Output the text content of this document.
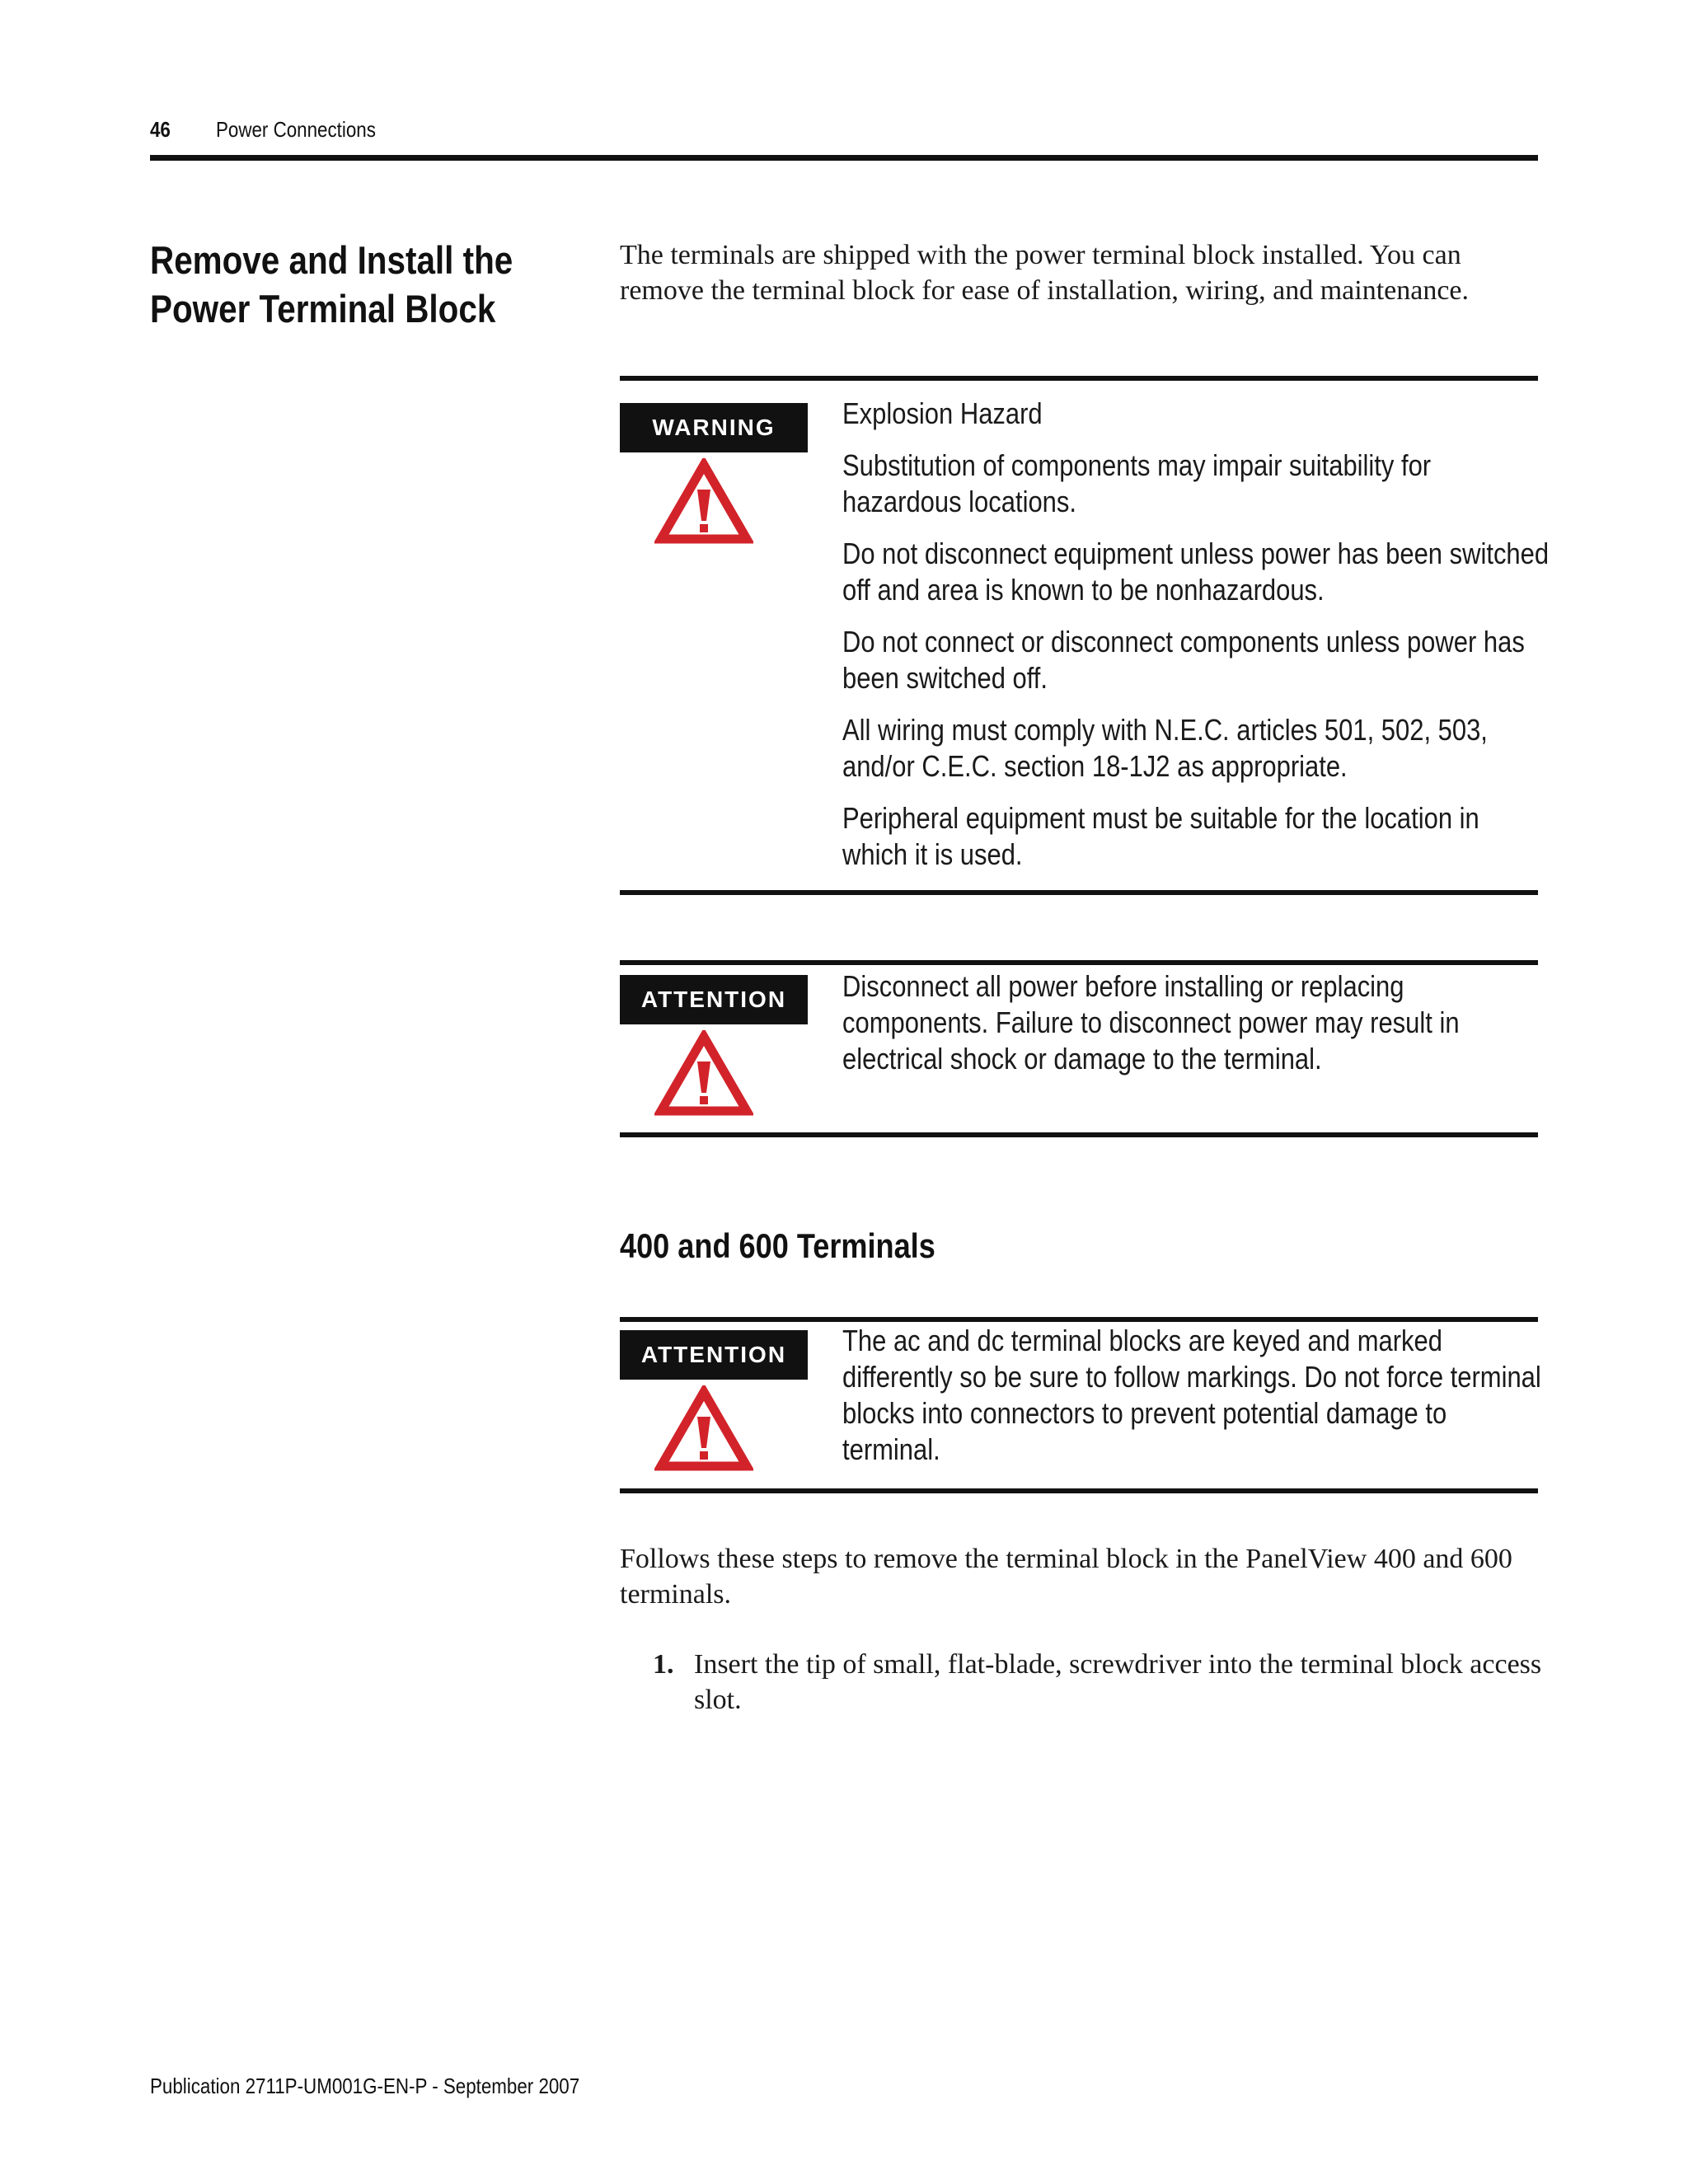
46 Power Connections
Remove and Install the
Power Terminal Block
The terminals are shipped with the power terminal block installed. You can remove the terminal block for ease of installation, wiring, and maintenance.
WARNING	Explosion Hazard

Substitution of components may impair suitability for hazardous locations.

Do not disconnect equipment unless power has been switched off and area is known to be nonhazardous.

Do not connect or disconnect components unless power has been switched off.

All wiring must comply with N.E.C. articles 501, 502, 503, and/or C.E.C. section 18-1J2 as appropriate.

Peripheral equipment must be suitable for the location in which it is used.

ATTENTION	Disconnect all power before installing or replacing components. Failure to disconnect power may result in electrical shock or damage to the terminal.
400 and 600 Terminals
ATTENTION	The ac and dc terminal blocks are keyed and marked differently so be sure to follow markings. Do not force terminal blocks into connectors to prevent potential damage to terminal.
Follows these steps to remove the terminal block in the PanelView 400 and 600 terminals.
1. Insert the tip of small, flat-blade, screwdriver into the terminal block access slot.
Publication 2711P-UM001G-EN-P - September 2007
